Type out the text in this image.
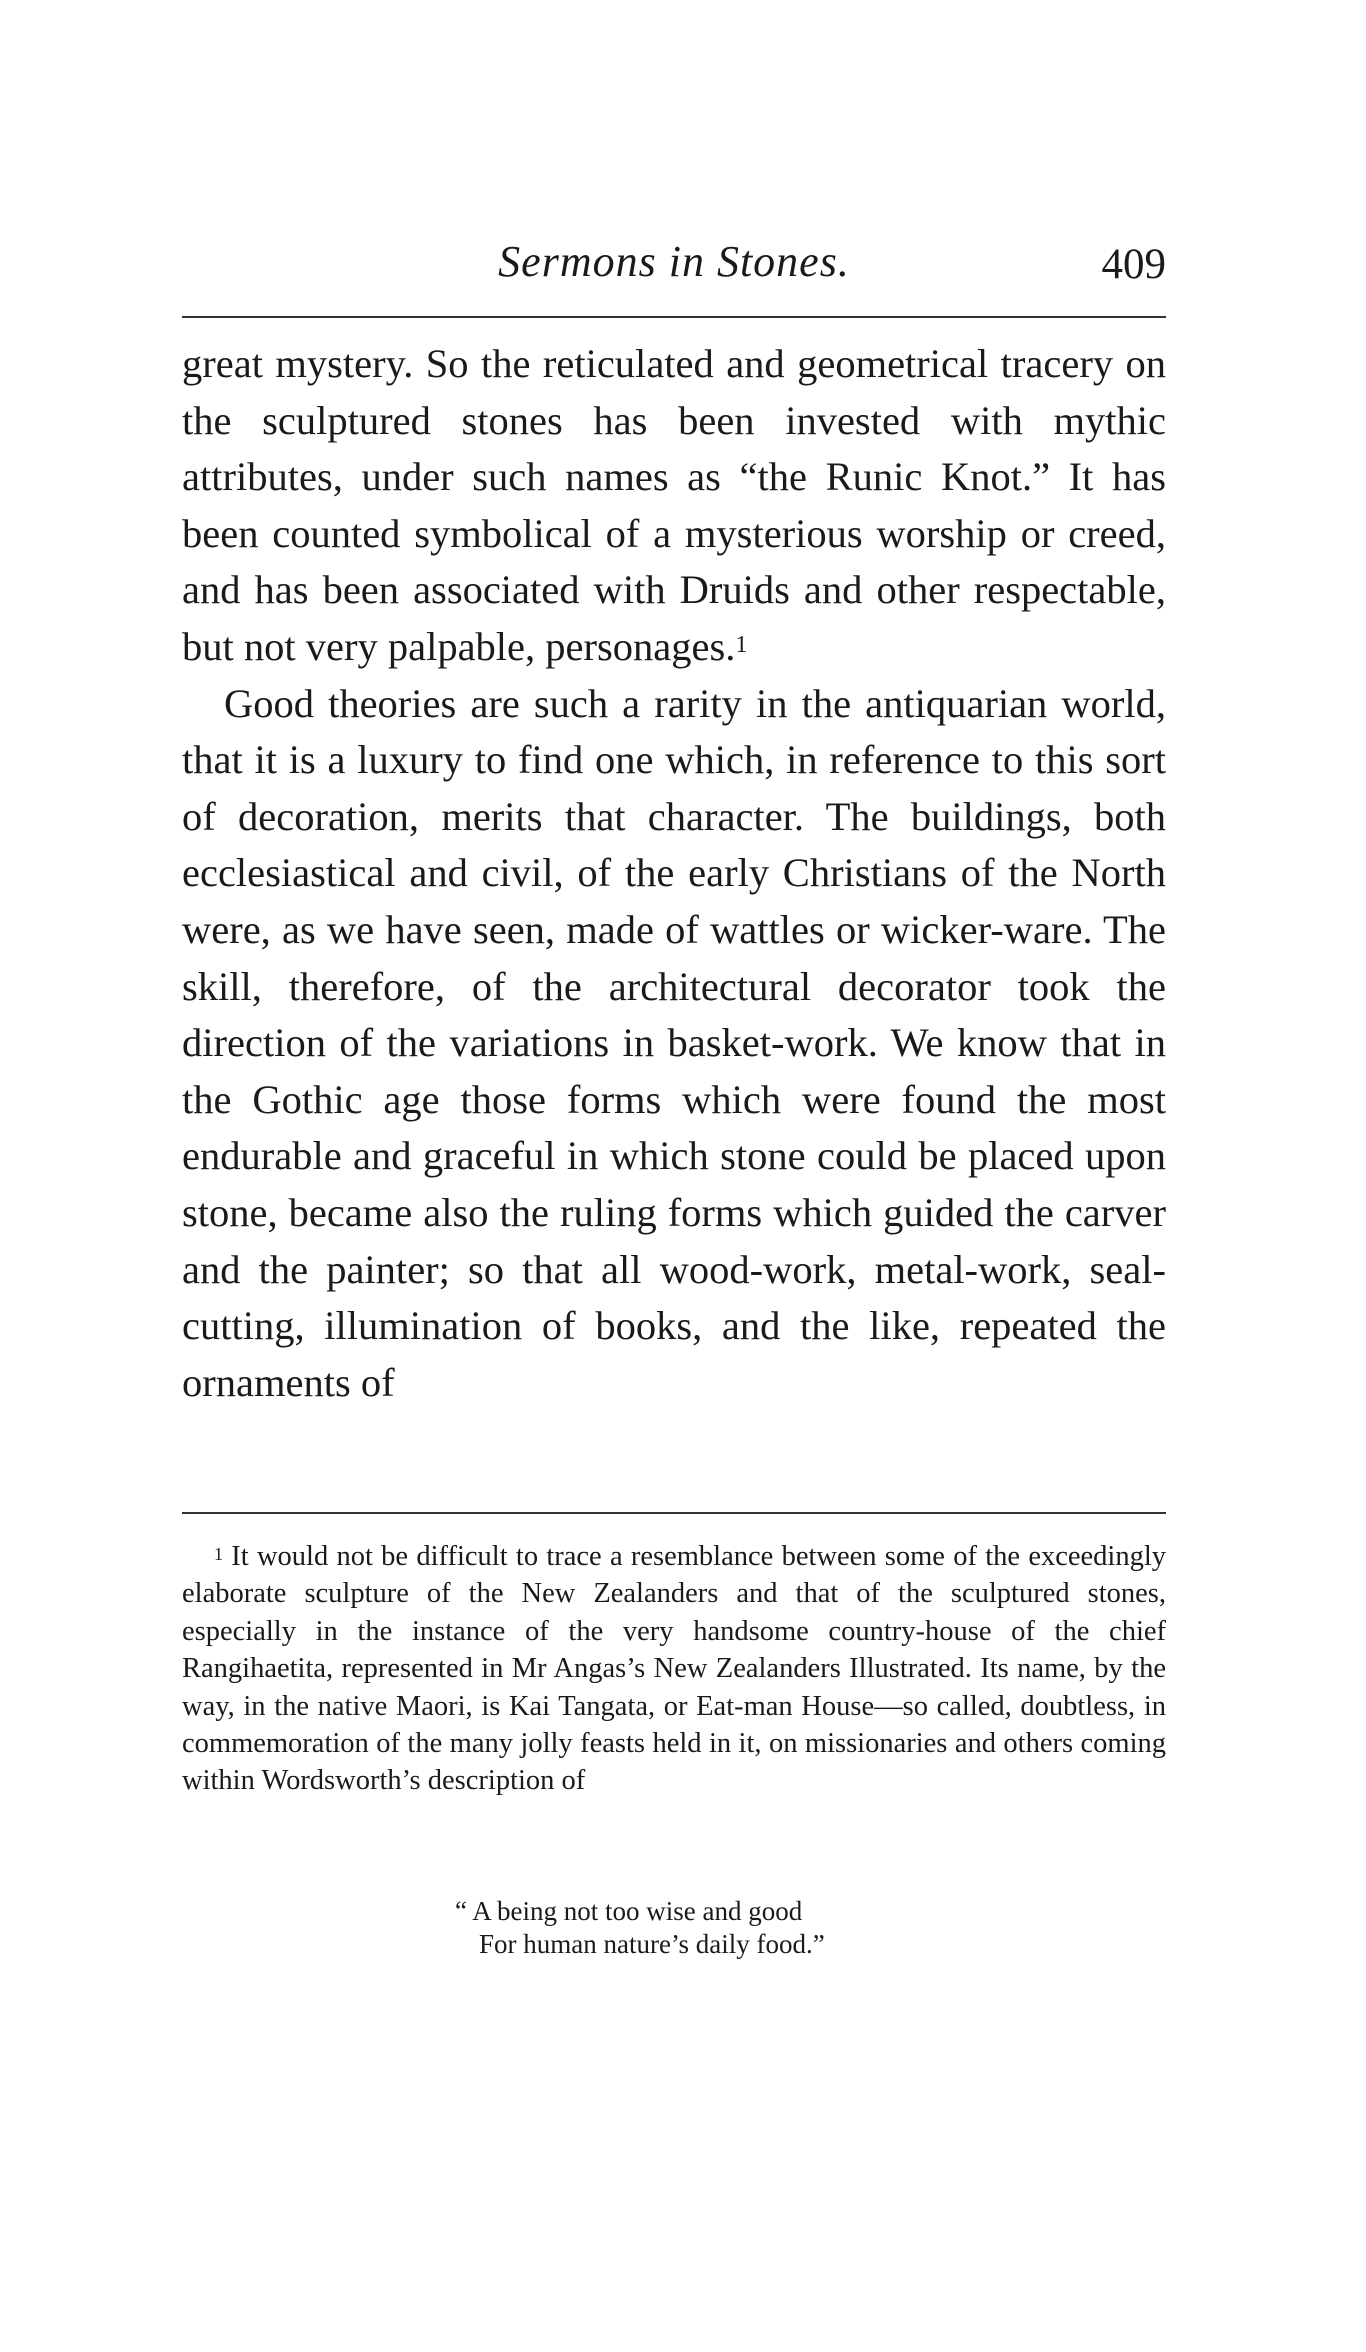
Sermons in Stones.	409

great mystery. So the reticulated and geometrical tracery on the sculptured stones has been invested with mythic attributes, under such names as “the Runic Knot.” It has been counted symbolical of a mysterious worship or creed, and has been associated with Druids and other respectable, but not very palpable, personages.$^1$

Good theories are such a rarity in the antiquarian world, that it is a luxury to find one which, in reference to this sort of decoration, merits that character. The buildings, both ecclesiastical and civil, of the early Christians of the North were, as we have seen, made of wattles or wicker-ware. The skill, therefore, of the architectural decorator took the direction of the variations in basket-work. We know that in the Gothic age those forms which were found the most endurable and graceful in which stone could be placed upon stone, became also the ruling forms which guided the carver and the painter; so that all wood-work, metal-work, seal-cutting, illumination of books, and the like, repeated the ornaments of

$^1$ It would not be difficult to trace a resemblance between some of the exceedingly elaborate sculpture of the New Zealanders and that of the sculptured stones, especially in the instance of the very handsome country-house of the chief Rangihaetita, represented in Mr Angas’s New Zealanders Illustrated. Its name, by the way, in the native Maori, is Kai Tangata, or Eat-man House—so called, doubtless, in commemoration of the many jolly feasts held in it, on missionaries and others coming within Wordsworth’s description of

“ A being not too wise and good
For human nature’s daily food.”
